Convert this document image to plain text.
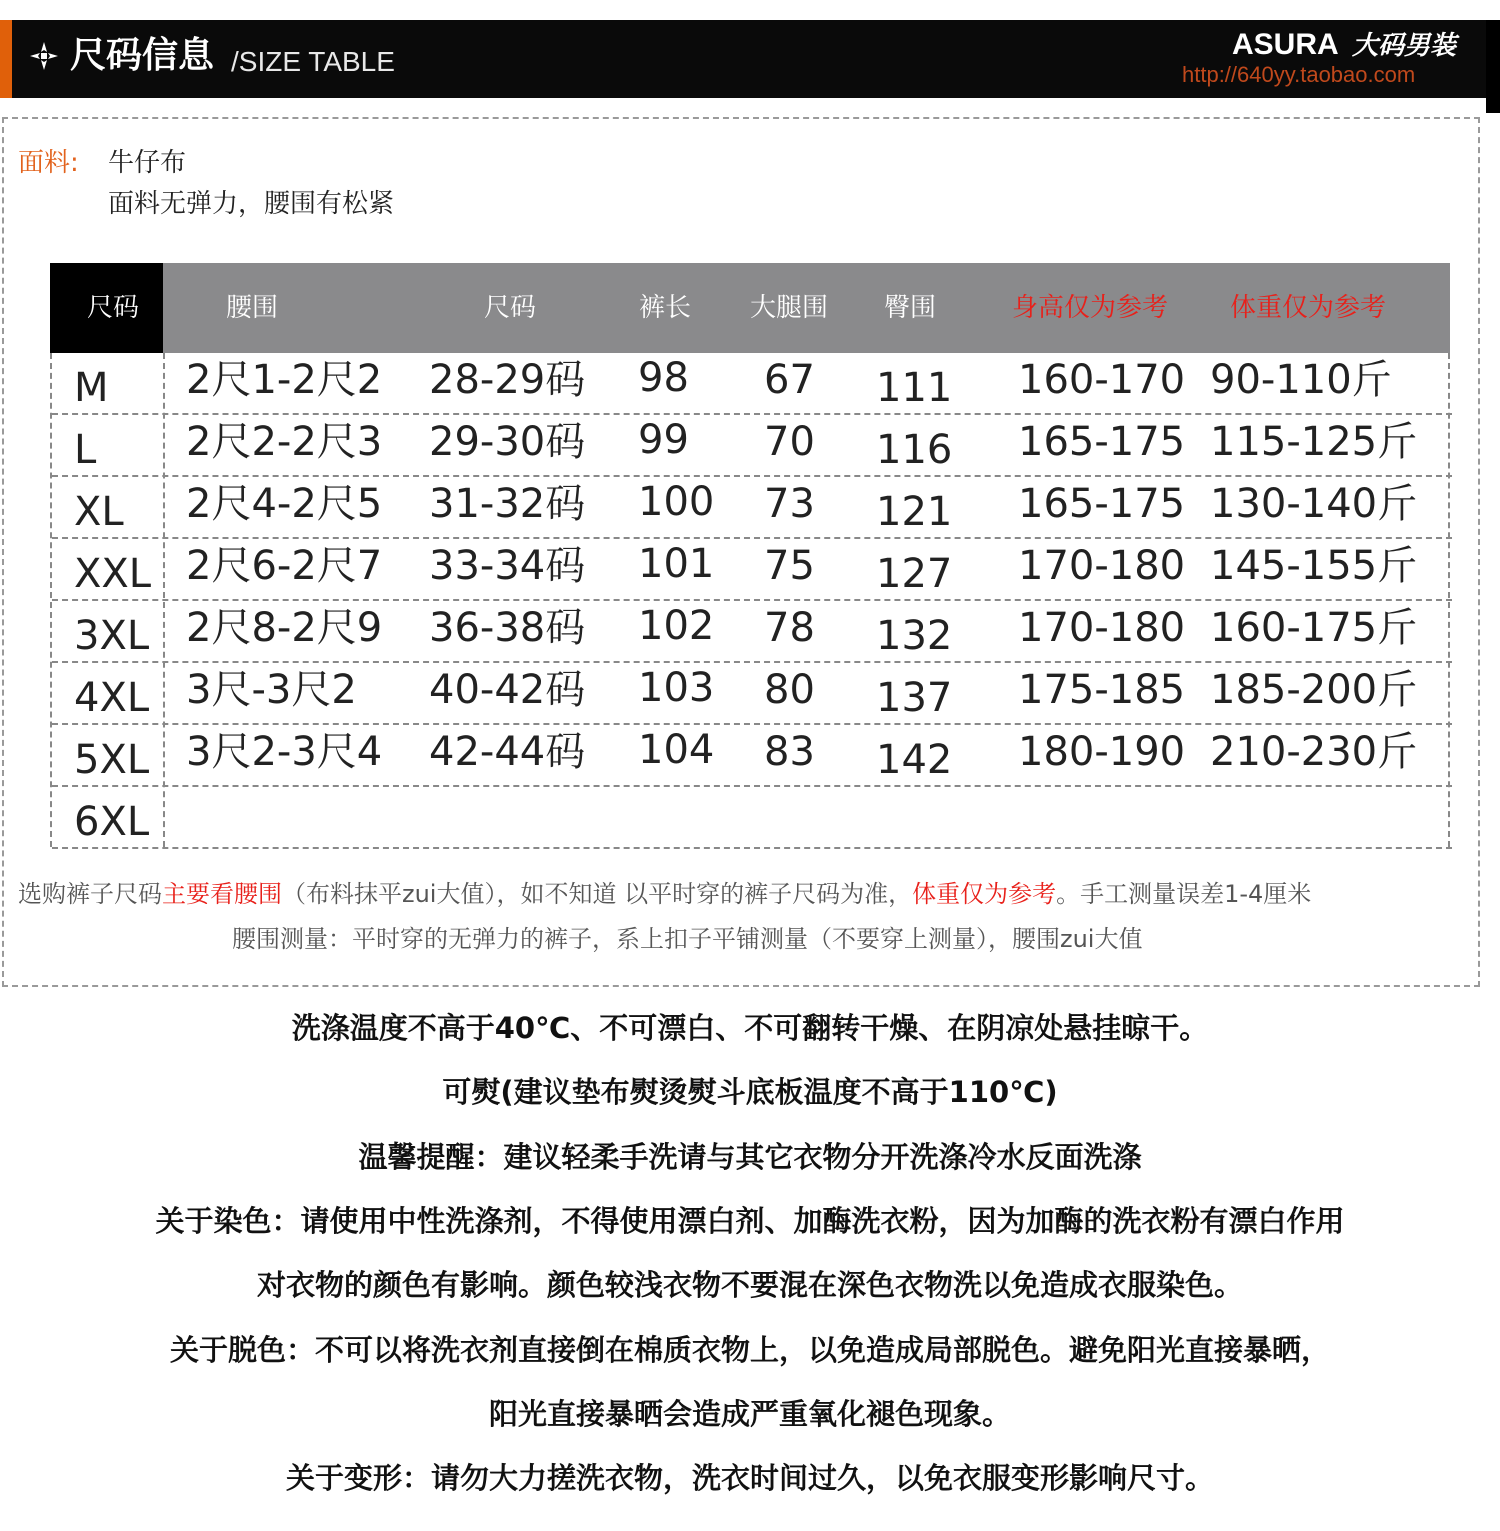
尺码信息 /SIZE TABLE
ASURA 大码男装
http://640yy.taobao.com
面料: 牛仔布
面料无弹力，腰围有松紧
尺码	腰围	尺码	裤长 大腿围 臀围	身高仅为参考 体重仅为参考
M 2尺1-2尺2 28-29码 98 67 111 160-170 90-110斤
L 2尺2-2尺3 29-30码 99 70 116 165-175 115-125斤
XL 2尺4-2尺5 31-32码 100 73 121 165-175 130-140斤
XXL 2尺6-2尺7 33-34码 101 75 127 170-180 145-155斤
3XL 2尺8-2尺9 36-38码 102 78 132 170-180 160-175斤
4XL 3尺-3尺2 40-42码 103 80 137 175-185 185-200斤
5XL 3尺2-3尺4 42-44码 104 83 142 180-190 210-230斤
6XL
选购裤子尺码主要看腰围（布料抹平zui大值），如不知道 以平时穿的裤子尺码为准，体重仅为参考。手工测量误差1-4厘米
腰围测量：平时穿的无弹力的裤子，系上扣子平铺测量（不要穿上测量），腰围zui大值
洗涤温度不高于40℃、不可漂白、不可翻转干燥、在阴凉处悬挂晾干。
可熨(建议垫布熨烫熨斗底板温度不高于110℃)
温馨提醒：建议轻柔手洗请与其它衣物分开洗涤冷水反面洗涤
关于染色：请使用中性洗涤剂，不得使用漂白剂、加酶洗衣粉，因为加酶的洗衣粉有漂白作用
对衣物的颜色有影响。颜色较浅衣物不要混在深色衣物洗以免造成衣服染色。
关于脱色：不可以将洗衣剂直接倒在棉质衣物上，以免造成局部脱色。避免阳光直接暴晒，
阳光直接暴晒会造成严重氧化褪色现象。
关于变形：请勿大力搓洗衣物，洗衣时间过久，以免衣服变形影响尺寸。
